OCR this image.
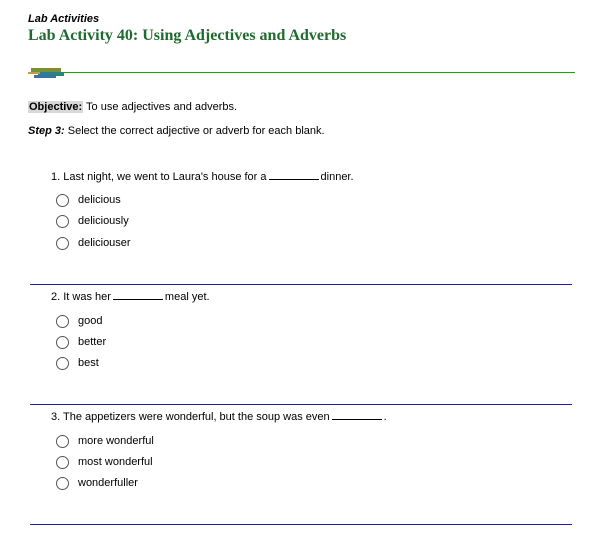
Lab Activities
Lab Activity 40: Using Adjectives and Adverbs
Objective: To use adjectives and adverbs.
Step 3: Select the correct adjective or adverb for each blank.
1. Last night, we went to Laura's house for a	dinner.
delicious
deliciously
deliciouser
2. It was her	meal yet.
good
better
best
3. The appetizers were wonderful, but the soup was even	.
more wonderful
most wonderful
wonderfuller
